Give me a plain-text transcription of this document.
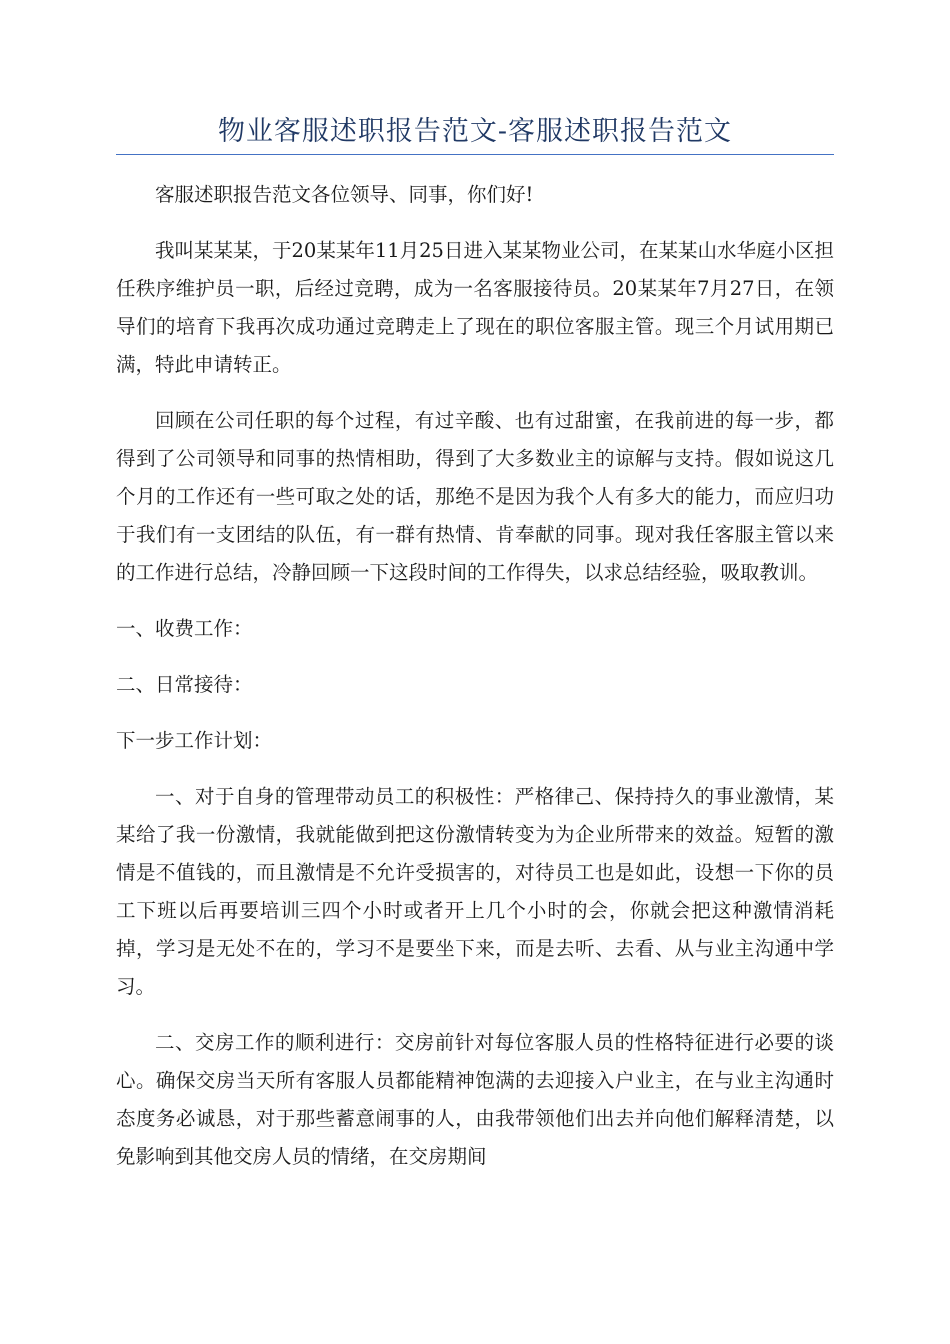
物业客服述职报告范文-客服述职报告范文

客服述职报告范文各位领导、同事，你们好!

我叫某某某，于20某某年11月25日进入某某物业公司，在某某山水华庭小区担任秩序维护员一职，后经过竞聘，成为一名客服接待员。20某某年7月27日，在领导们的培育下我再次成功通过竞聘走上了现在的职位客服主管。现三个月试用期已满，特此申请转正。

回顾在公司任职的每个过程，有过辛酸、也有过甜蜜，在我前进的每一步，都得到了公司领导和同事的热情相助，得到了大多数业主的谅解与支持。假如说这几个月的工作还有一些可取之处的话，那绝不是因为我个人有多大的能力，而应归功于我们有一支团结的队伍，有一群有热情、肯奉献的同事。现对我任客服主管以来的工作进行总结，冷静回顾一下这段时间的工作得失，以求总结经验，吸取教训。

一、收费工作：

二、日常接待：

下一步工作计划：

一、对于自身的管理带动员工的积极性：严格律己、保持持久的事业激情，某某给了我一份激情，我就能做到把这份激情转变为为企业所带来的效益。短暂的激情是不值钱的，而且激情是不允许受损害的，对待员工也是如此，设想一下你的员工下班以后再要培训三四个小时或者开上几个小时的会，你就会把这种激情消耗掉，学习是无处不在的，学习不是要坐下来，而是去听、去看、从与业主沟通中学习。

二、交房工作的顺利进行：交房前针对每位客服人员的性格特征进行必要的谈心。确保交房当天所有客服人员都能精神饱满的去迎接入户业主，在与业主沟通时态度务必诚恳，对于那些蓄意闹事的人，由我带领他们出去并向他们解释清楚，以免影响到其他交房人员的情绪，在交房期间
